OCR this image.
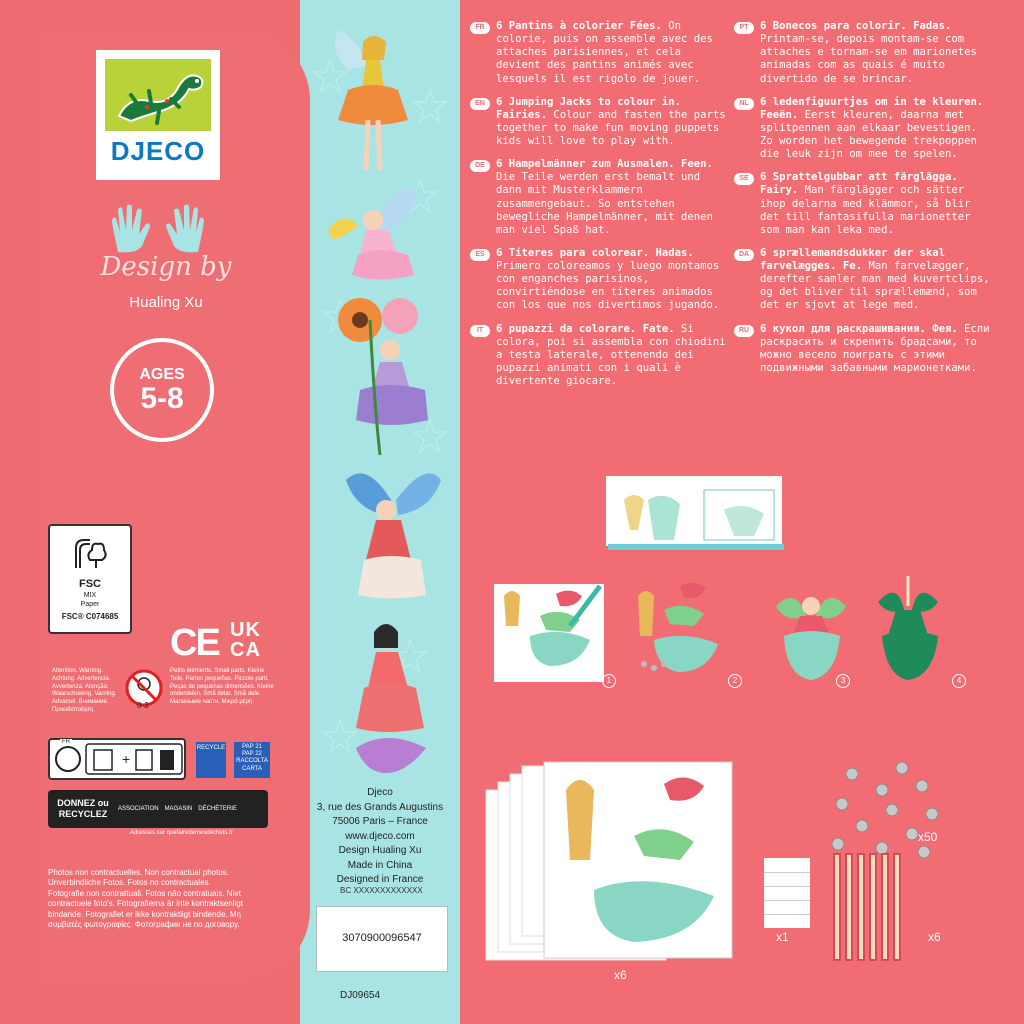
DJECO
Design by
Hualing Xu
AGES
5-8
FSC
MIX
Paper
FSC® C074685
CE UK
CA
Attention. Warning. Achtung. Advertencia. Avvertenza. Atenção. Waarschuwing. Varning. Advarsel. Внимание. Προειδοποίηση.	0-3
Petits éléments. Small parts. Kleine Teile. Partes pequeñas. Piccole parti. Peças de pequenas dimensões. Kleine onderdelen. Små delar. Små dele. Маленькие части. Μικρά μέρη.
+
FR
RECYCLE	PAP 21
PAP 22
RACCOLTA
CARTA
DONNEZ ou RECYCLEZ	ASSOCIATION MAGASIN DÉCHÈTERIE
Adresses sur quefairedemesdechets.fr
Photos non contractuelles. Non contractual photos. Unverbindliche Fotos. Fotos no contractuales. Fotografie non contrattuali. Fotos não contratuais. Niet contractuele foto's. Fotografierna är inte kontraktsenligt bindande. Fotografiet er ikke kontraktligt bindende. Μη συμβατές φωτογραφίες. Фотографии не по договору.
Djeco
3, rue des Grands Augustins
75006 Paris – France
www.djeco.com
Design Hualing Xu
Made in China
Designed in France
BC XXXXXXXXXXXXX
3070900096547
DJ09654
FR	6 Pantins à colorier Fées. On colorie, puis on assemble avec des attaches parisiennes, et cela devient des pantins animés avec lesquels il est rigolo de jouer.
EN	6 Jumping Jacks to colour in. Fairies. Colour and fasten the parts together to make fun moving puppets kids will love to play with.
DE	6 Hampelmänner zum Ausmalen. Feen. Die Teile werden erst bemalt und dann mit Musterklammern zusammengebaut. So entstehen bewegliche Hampelmänner, mit denen man viel Spaß hat.
ES	6 Títeres para colorear. Hadas. Primero coloreamos y luego montamos con enganches parisinos, convirtiéndose en títeres animados con los que nos divertimos jugando.
IT	6 pupazzi da colorare. Fate. Si colora, poi si assembla con chiodini a testa laterale, ottenendo dei pupazzi animati con i quali è divertente giocare.
PT	6 Bonecos para colorir. Fadas. Printam-se, depois montam-se com attaches e tornam-se em marionetes animadas com as quais é muito divertido de se brincar.
NL	6 ledenfiguurtjes om in te kleuren. Feeën. Eerst kleuren, daarna met splitpennen aan elkaar bevestigen. Zo worden het bewegende trekpoppen die leuk zijn om mee te spelen.
SE	6 Sprattelgubbar att färglägga. Fairy. Man färglägger och sätter ihop delarna med klämmor, så blir det till fantasifulla marionetter som man kan leka med.
DA	6 sprællemandsdukker der skal farvelægges. Fe. Man farvelægger, derefter samler man med kuvertclips, og det bliver til sprællemænd, som det er sjovt at lege med.
RU	6 кукол для раскрашивания. Фея. Если раскрасить и скрепить брадсами, то можно весело поиграть с этими подвижными забавными марионетками.
1	2	3	4
x6
x50
x1	x6
